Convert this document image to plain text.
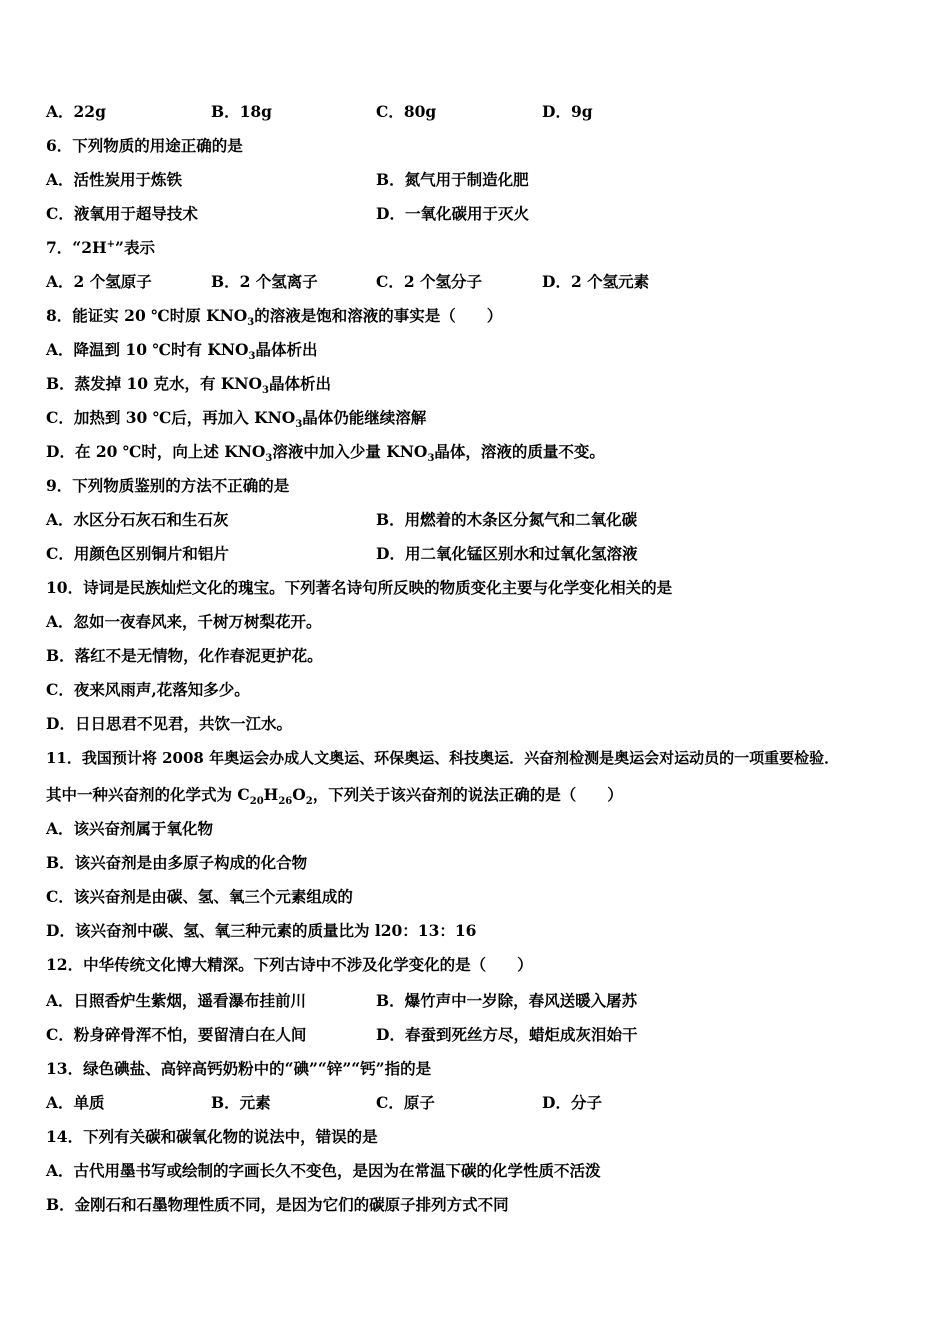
A．22g	B．18g	C．80g	D．9g
6．下列物质的用途正确的是
A．活性炭用于炼铁	B．氮气用于制造化肥
C．液氧用于超导技术	D．一氧化碳用于灭火
7．“2H+”表示
A．2 个氢原子	B．2 个氢离子	C．2 个氢分子	D．2 个氢元素
8．能证实 20 ℃时原 $KNO_3$的溶液是饱和溶液的事实是（　　）
A．降温到 10 ℃时有 $KNO_3$晶体析出
B．蒸发掉 10 克水，有 $KNO_3$晶体析出
C．加热到 30 ℃后，再加入 $KNO_3$晶体仍能继续溶解
D．在 20 ℃时，向上述 $KNO_3$溶液中加入少量 $KNO_3$晶体，溶液的质量不变。
9．下列物质鉴别的方法不正确的是
A．水区分石灰石和生石灰	B．用燃着的木条区分氮气和二氧化碳
C．用颜色区别铜片和铝片	D．用二氧化锰区别水和过氧化氢溶液
10．诗词是民族灿烂文化的瑰宝。下列著名诗句所反映的物质变化主要与化学变化相关的是
A．忽如一夜春风来，千树万树梨花开。
B．落红不是无情物，化作春泥更护花。
C．夜来风雨声,花落知多少。
D．日日思君不见君，共饮一江水。
11．我国预计将 2008 年奥运会办成人文奥运、环保奥运、科技奥运．兴奋剂检测是奥运会对运动员的一项重要检验．
其中一种兴奋剂的化学式为 $C_{20}H_{26}O_2$，下列关于该兴奋剂的说法正确的是（　　）
A．该兴奋剂属于氧化物
B．该兴奋剂是由多原子构成的化合物
C．该兴奋剂是由碳、氢、氧三个元素组成的
D．该兴奋剂中碳、氢、氧三种元素的质量比为 l20：13：16
12．中华传统文化博大精深。下列古诗中不涉及化学变化的是（　　）
A．日照香炉生紫烟，遥看瀑布挂前川	B．爆竹声中一岁除，春风送暖入屠苏
C．粉身碎骨浑不怕，要留清白在人间	D．春蚕到死丝方尽，蜡炬成灰泪始干
13．绿色碘盐、高锌高钙奶粉中的“碘”“锌”“钙”指的是
A．单质	B．元素	C．原子	D．分子
14．下列有关碳和碳氧化物的说法中，错误的是
A．古代用墨书写或绘制的字画长久不变色，是因为在常温下碳的化学性质不活泼
B．金刚石和石墨物理性质不同，是因为它们的碳原子排列方式不同
